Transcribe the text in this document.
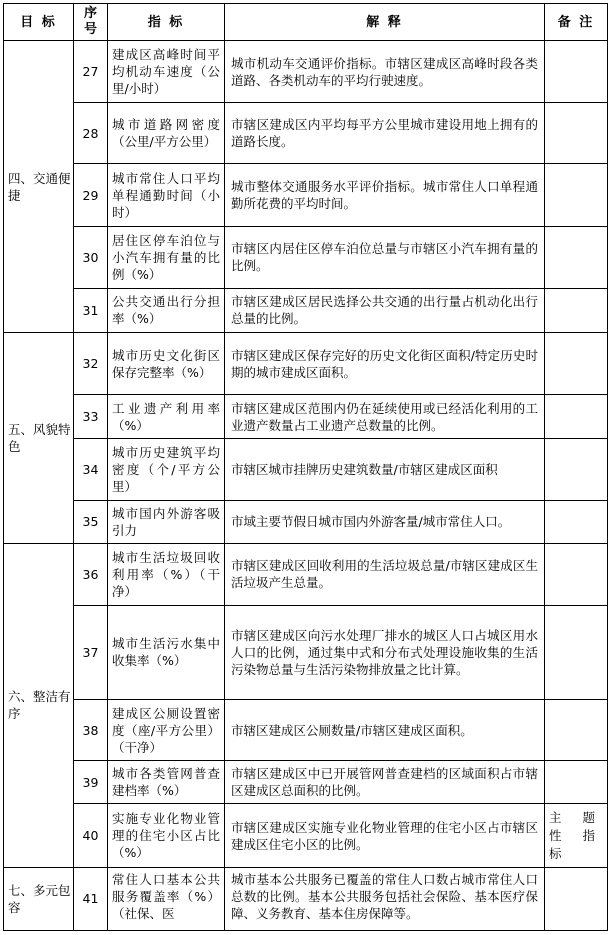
目 标	序号	指 标	解 释	备 注

四、交通便捷	27	建成区高峰时间平均机动车速度（公里/小时）	城市机动车交通评价指标。市辖区建成区高峰时段各类道路、各类机动车的平均行驶速度。	
	28	城市道路网密度（公里/平方公里）	市辖区建成区内平均每平方公里城市建设用地上拥有的道路长度。	
	29	城市常住人口平均单程通勤时间（小时）	城市整体交通服务水平评价指标。城市常住人口单程通勤所花费的平均时间。	
	30	居住区停车泊位与小汽车拥有量的比例（%）	市辖区内居住区停车泊位总量与市辖区小汽车拥有量的比例。	
	31	公共交通出行分担率（%）	市辖区建成区居民选择公共交通的出行量占机动化出行总量的比例。	

五、风貌特色	32	城市历史文化街区保存完整率（%）	市辖区建成区保存完好的历史文化街区面积/特定历史时期的城市建成区面积。	
	33	工业遗产利用率（%）	市辖区建成区范围内仍在延续使用或已经活化利用的工业遗产数量占工业遗产总数量的比例。	
	34	城市历史建筑平均密度（个/平方公里）	市辖区城市挂牌历史建筑数量/市辖区建成区面积	
	35	城市国内外游客吸引力	市域主要节假日城市国内外游客量/城市常住人口。	

六、整洁有序	36	城市生活垃圾回收利用率（%）（干净）	市辖区建成区回收利用的生活垃圾总量/市辖区建成区生活垃圾产生总量。	
	37	城市生活污水集中收集率（%）	市辖区建成区向污水处理厂排水的城区人口占城区用水人口的比例，通过集中式和分布式处理设施收集的生活污染物总量与生活污染物排放量之比计算。	
	38	建成区公厕设置密度（座/平方公里）（干净）	市辖区建成区公厕数量/市辖区建成区面积。	
	39	城市各类管网普查建档率（%）	市辖区建成区中已开展管网普查建档的区域面积占市辖区建成区总面积的比例。	
	40	实施专业化物业管理的住宅小区占比（%）	市辖区建成区实施专业化物业管理的住宅小区占市辖区建成区住宅小区的比例。	主题性指标

七、多元包容	41	常住人口基本公共服务覆盖率（%）（社保、医	城市基本公共服务已覆盖的常住人口数占城市常住人口总数的比例。基本公共服务包括社会保险、基本医疗保障、义务教育、基本住房保障等。	
